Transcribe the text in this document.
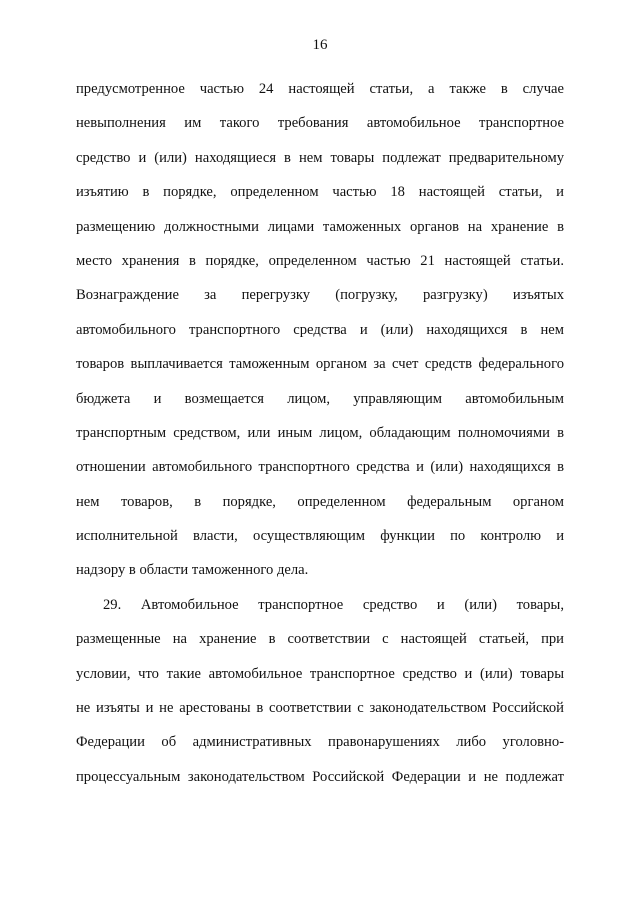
16
предусмотренное частью 24 настоящей статьи, а также в случае
невыполнения им такого требования автомобильное транспортное
средство и (или) находящиеся в нем товары подлежат предварительному
изъятию в порядке, определенном частью 18 настоящей статьи, и
размещению должностными лицами таможенных органов на хранение в
место хранения в порядке, определенном частью 21 настоящей статьи.
Вознаграждение за перегрузку (погрузку, разгрузку) изъятых
автомобильного транспортного средства и (или) находящихся в нем
товаров выплачивается таможенным органом за счет средств федерального
бюджета и возмещается лицом, управляющим автомобильным
транспортным средством, или иным лицом, обладающим полномочиями в
отношении автомобильного транспортного средства и (или) находящихся в
нем товаров, в порядке, определенном федеральным органом
исполнительной власти, осуществляющим функции по контролю и
надзору в области таможенного дела.
29. Автомобильное транспортное средство и (или) товары,
размещенные на хранение в соответствии с настоящей статьей, при
условии, что такие автомобильное транспортное средство и (или) товары
не изъяты и не арестованы в соответствии с законодательством Российской
Федерации об административных правонарушениях либо уголовно-
процессуальным законодательством Российской Федерации и не подлежат
